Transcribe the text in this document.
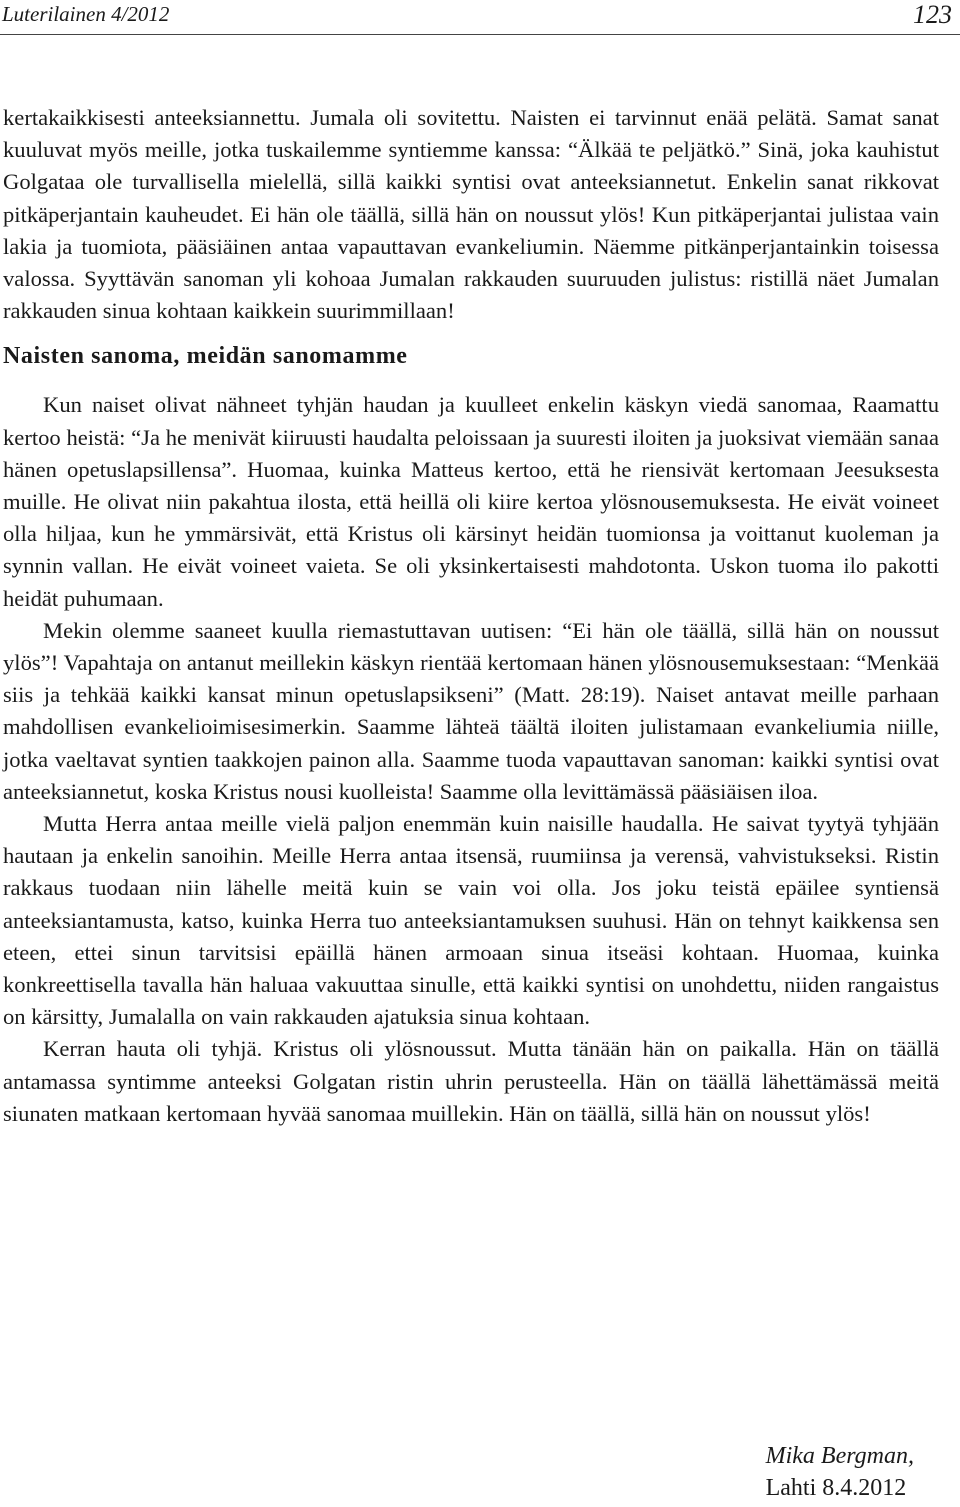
Luterilainen 4/2012	123

kertakaikkisesti anteeksiannettu. Jumala oli sovitettu. Naisten ei tarvinnut enää pelätä. Samat sanat kuuluvat myös meille, jotka tuskailemme syntiemme kanssa: “Älkää te peljätkö.” Sinä, joka kauhistut Golgataa ole turvallisella mielellä, sillä kaikki syntisi ovat anteeksiannetut. Enkelin sanat rikkovat pitkäperjantain kauheudet. Ei hän ole täällä, sillä hän on noussut ylös! Kun pitkäperjantai julistaa vain lakia ja tuomiota, pääsiäinen antaa vapauttavan evankeliumin. Näemme pitkänperjantainkin toisessa valossa. Syyttävän sanoman yli kohoaa Jumalan rakkauden suuruuden julistus: ristillä näet Jumalan rakkauden sinua kohtaan kaikkein suurimmillaan!

Naisten sanoma, meidän sanomamme

Kun naiset olivat nähneet tyhjän haudan ja kuulleet enkelin käskyn viedä sanomaa, Raamattu kertoo heistä: “Ja he menivät kiiruusti haudalta peloissaan ja suuresti iloiten ja juoksivat viemään sanaa hänen opetuslapsillensa”. Huomaa, kuinka Matteus kertoo, että he riensivät kertomaan Jeesuksesta muille. He olivat niin pakahtua ilosta, että heillä oli kiire kertoa ylösnousemuksesta. He eivät voineet olla hiljaa, kun he ymmärsivät, että Kristus oli kärsinyt heidän tuomionsa ja voittanut kuoleman ja synnin vallan. He eivät voineet vaieta. Se oli yksinkertaisesti mahdotonta. Uskon tuoma ilo pakotti heidät puhumaan.

Mekin olemme saaneet kuulla riemastuttavan uutisen: “Ei hän ole täällä, sillä hän on noussut ylös”! Vapahtaja on antanut meillekin käskyn rientää kertomaan hänen ylösnousemuksestaan: “Menkää siis ja tehkää kaikki kansat minun opetuslapsikseni” (Matt. 28:19). Naiset antavat meille parhaan mahdollisen evankelioimisesimerkin. Saamme lähteä täältä iloiten julistamaan evankeliumia niille, jotka vaeltavat syntien taakkojen painon alla. Saamme tuoda vapauttavan sanoman: kaikki syntisi ovat anteeksiannetut, koska Kristus nousi kuolleista! Saamme olla levittämässä pääsiäisen iloa.

Mutta Herra antaa meille vielä paljon enemmän kuin naisille haudalla. He saivat tyytyä tyhjään hautaan ja enkelin sanoihin. Meille Herra antaa itsensä, ruumiinsa ja verensä, vahvistukseksi. Ristin rakkaus tuodaan niin lähelle meitä kuin se vain voi olla. Jos joku teistä epäilee syntiensä anteeksiantamusta, katso, kuinka Herra tuo anteeksiantamuksen suuhusi. Hän on tehnyt kaikkensa sen eteen, ettei sinun tarvitsisi epäillä hänen armoaan sinua itseäsi kohtaan. Huomaa, kuinka konkreettisella tavalla hän haluaa vakuuttaa sinulle, että kaikki syntisi on unohdettu, niiden rangaistus on kärsitty, Jumalalla on vain rakkauden ajatuksia sinua kohtaan.

Kerran hauta oli tyhjä. Kristus oli ylösnoussut. Mutta tänään hän on paikalla. Hän on täällä antamassa syntimme anteeksi Golgatan ristin uhrin perusteella. Hän on täällä lähettämässä meitä siunaten matkaan kertomaan hyvää sanomaa muillekin. Hän on täällä, sillä hän on noussut ylös!

Mika Bergman,
Lahti 8.4.2012
